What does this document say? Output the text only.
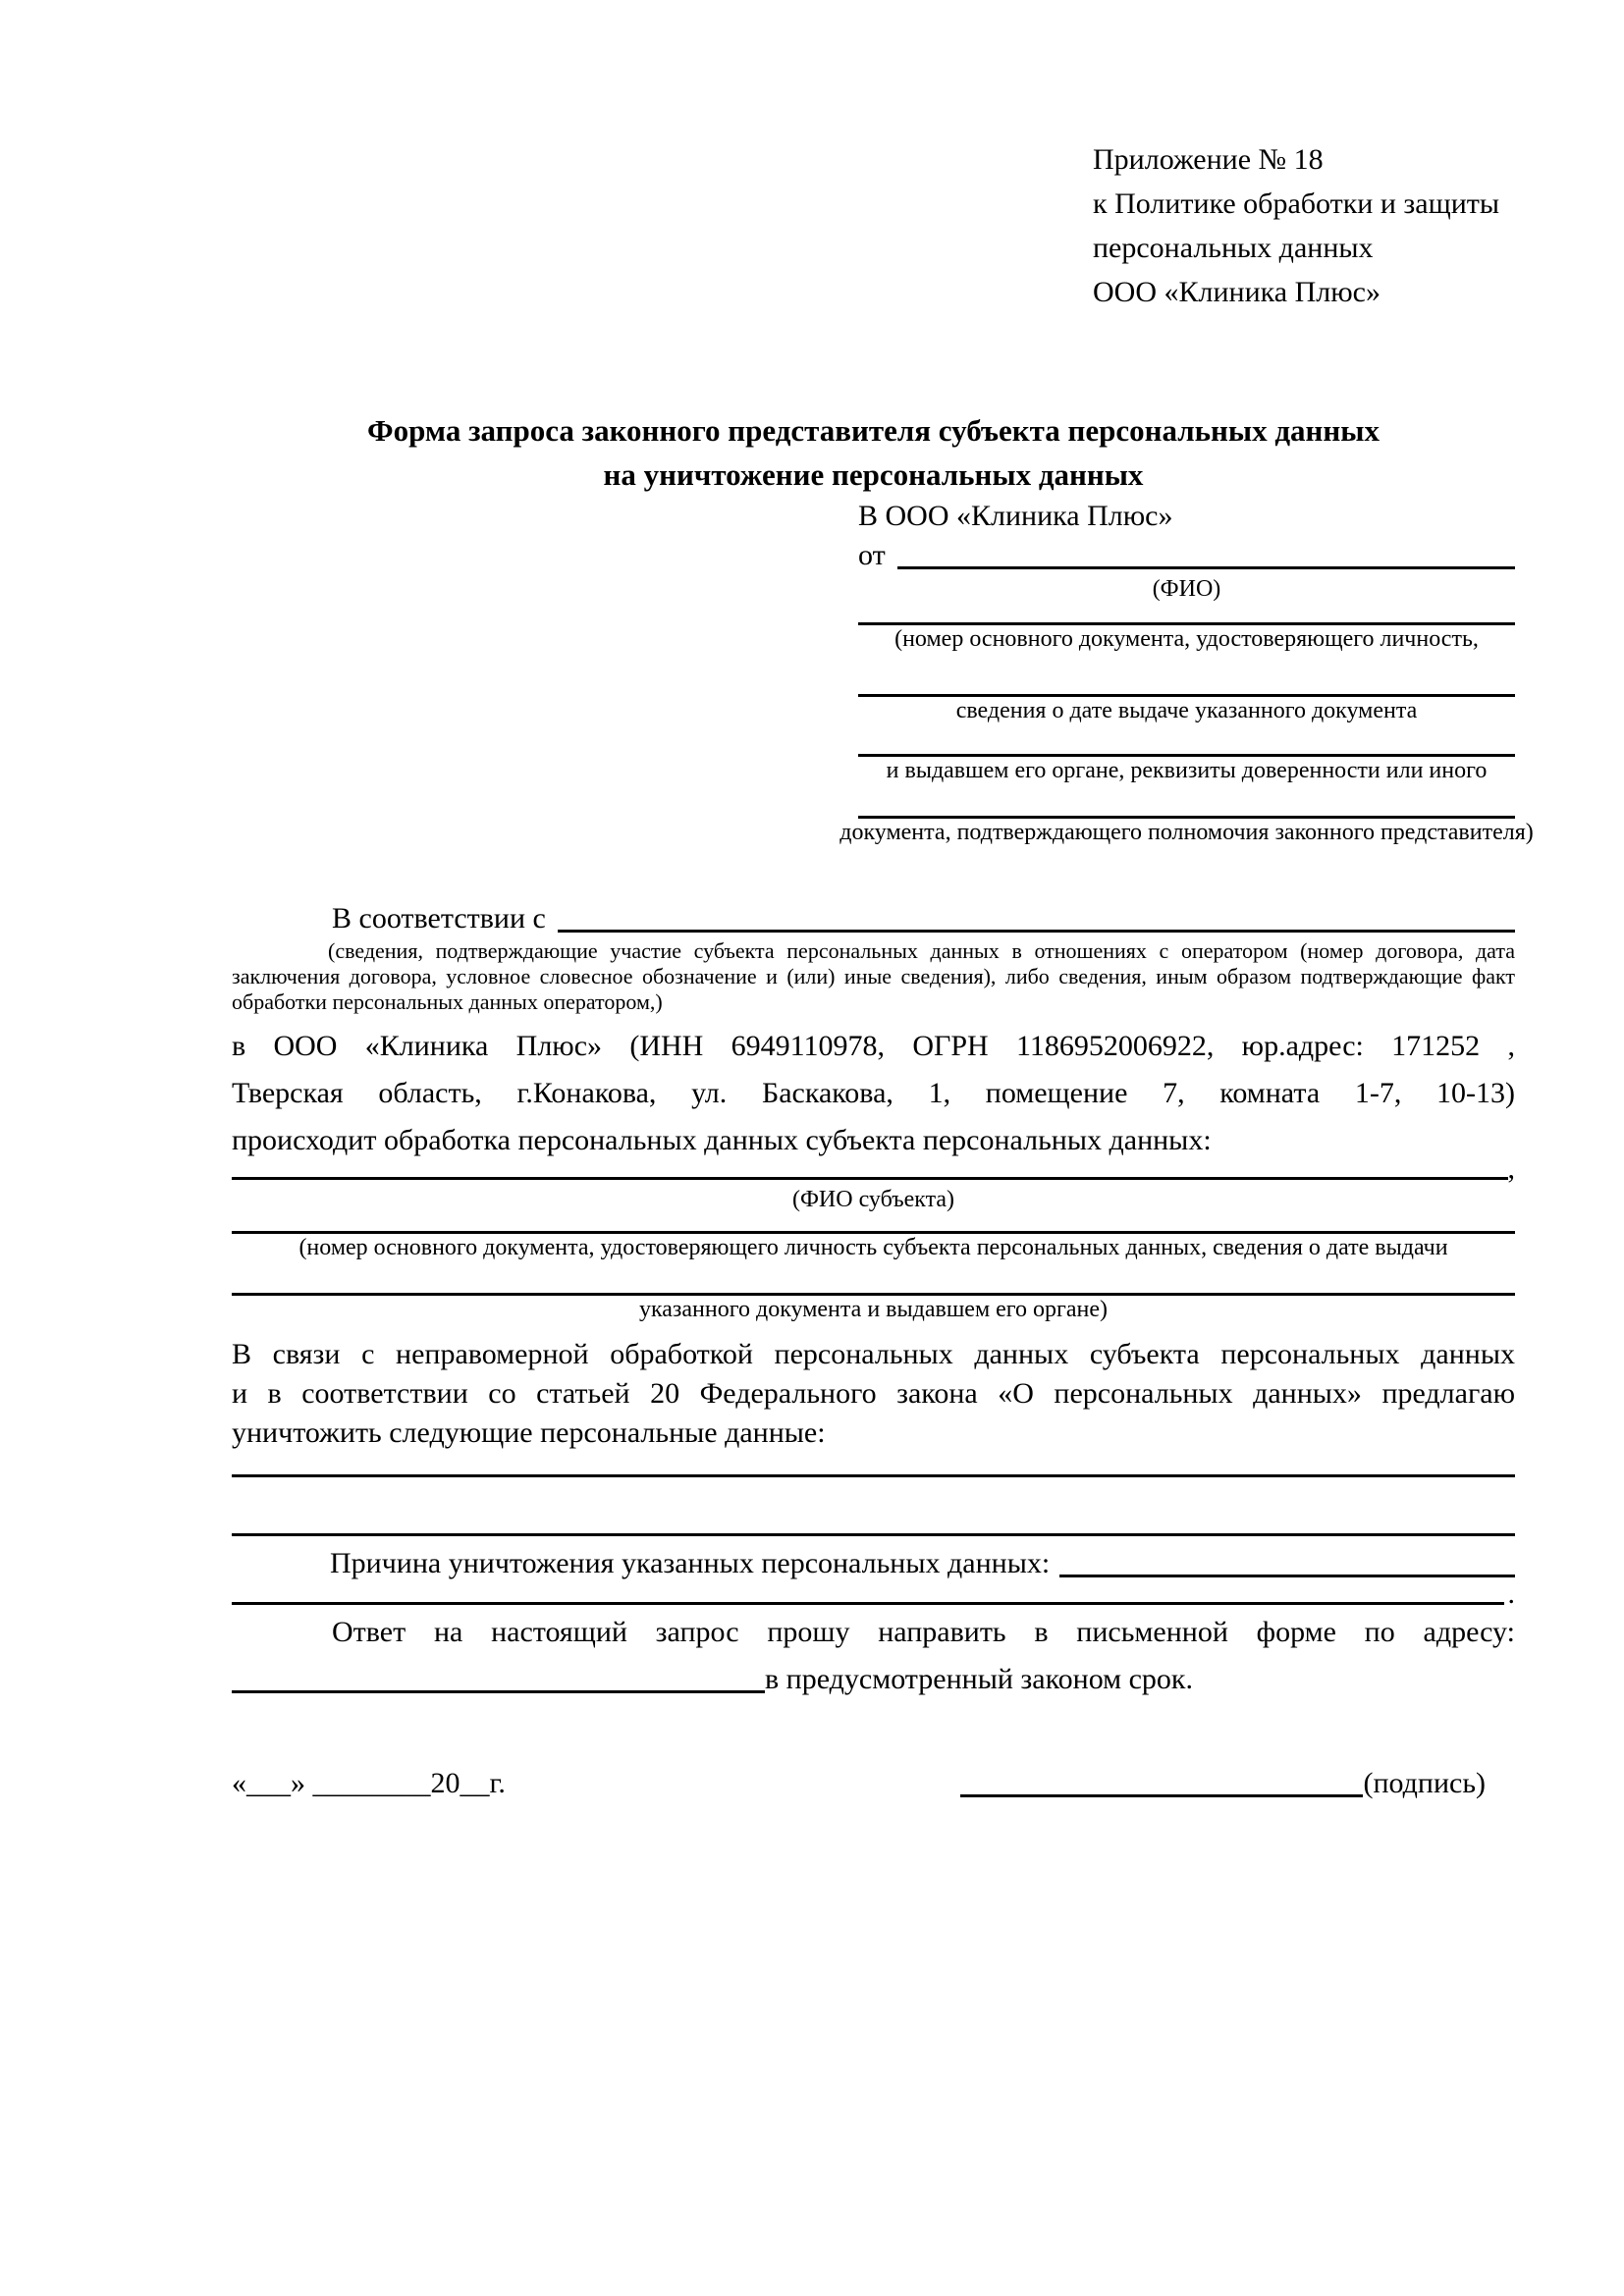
Приложение № 18
к Политике обработки и защиты
персональных данных
ООО «Клиника Плюс»
Форма запроса законного представителя субъекта персональных данных
на уничтожение персональных данных
В ООО «Клиника Плюс»
от
(ФИО)
(номер основного документа, удостоверяющего личность,
сведения о дате выдаче указанного документа
и выдавшем его органе, реквизиты доверенности или иного
документа, подтверждающего полномочия законного представителя)
В соответствии с
(сведения, подтверждающие участие субъекта персональных данных в отношениях с оператором (номер договора, дата заключения договора, условное словесное обозначение и (или) иные сведения), либо сведения, иным образом подтверждающие факт обработки персональных данных оператором,)
в ООО «Клиника Плюс» (ИНН 6949110978, ОГРН 1186952006922, юр.адрес: 171252 ,
Тверская область, г.Конакова, ул. Баскакова, 1, помещение 7, комната 1-7, 10-13)
происходит обработка персональных данных субъекта персональных данных:
,
(ФИО субъекта)
(номер основного документа, удостоверяющего личность субъекта персональных данных, сведения о дате выдачи
указанного документа и выдавшем его органе)
В связи с неправомерной обработкой персональных данных субъекта персональных данных
и в соответствии со статьей 20 Федерального закона «О персональных данных» предлагаю
уничтожить следующие персональные данные:
Причина уничтожения указанных персональных данных:
.
Ответ на настоящий запрос прошу направить в письменной форме по адресу:
в предусмотренный законом срок.
«___» ________20__г.	(подпись)
